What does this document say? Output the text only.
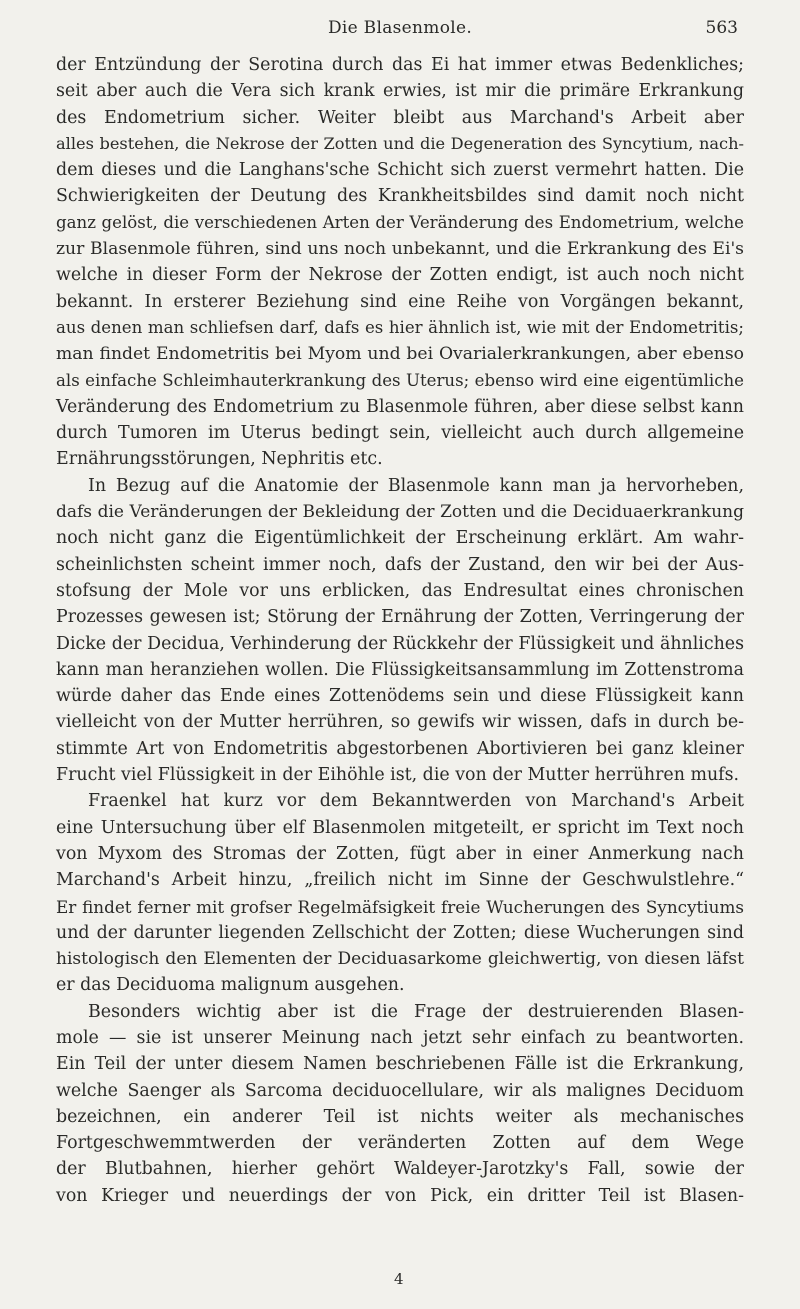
Die Blasenmole.	563
der Entzündung der Serotina durch das Ei hat immer etwas Bedenkliches;
seit aber auch die Vera sich krank erwies, ist mir die primäre Erkrankung
des Endometrium sicher. Weiter bleibt aus Marchand's Arbeit aber
alles bestehen, die Nekrose der Zotten und die Degeneration des Syncytium, nach-
dem dieses und die Langhans'sche Schicht sich zuerst vermehrt hatten. Die
Schwierigkeiten der Deutung des Krankheitsbildes sind damit noch nicht
ganz gelöst, die verschiedenen Arten der Veränderung des Endometrium, welche
zur Blasenmole führen, sind uns noch unbekannt, und die Erkrankung des Ei's
welche in dieser Form der Nekrose der Zotten endigt, ist auch noch nicht
bekannt. In ersterer Beziehung sind eine Reihe von Vorgängen bekannt,
aus denen man schliefsen darf, dafs es hier ähnlich ist, wie mit der Endometritis;
man findet Endometritis bei Myom und bei Ovarialerkrankungen, aber ebenso
als einfache Schleimhauterkrankung des Uterus; ebenso wird eine eigentümliche
Veränderung des Endometrium zu Blasenmole führen, aber diese selbst kann
durch Tumoren im Uterus bedingt sein, vielleicht auch durch allgemeine
Ernährungsstörungen, Nephritis etc.
In Bezug auf die Anatomie der Blasenmole kann man ja hervorheben,
dafs die Veränderungen der Bekleidung der Zotten und die Deciduaerkrankung
noch nicht ganz die Eigentümlichkeit der Erscheinung erklärt. Am wahr-
scheinlichsten scheint immer noch, dafs der Zustand, den wir bei der Aus-
stofsung der Mole vor uns erblicken, das Endresultat eines chronischen
Prozesses gewesen ist; Störung der Ernährung der Zotten, Verringerung der
Dicke der Decidua, Verhinderung der Rückkehr der Flüssigkeit und ähnliches
kann man heranziehen wollen. Die Flüssigkeitsansammlung im Zottenstroma
würde daher das Ende eines Zottenödems sein und diese Flüssigkeit kann
vielleicht von der Mutter herrühren, so gewifs wir wissen, dafs in durch be-
stimmte Art von Endometritis abgestorbenen Abortivieren bei ganz kleiner
Frucht viel Flüssigkeit in der Eihöhle ist, die von der Mutter herrühren mufs.
Fraenkel hat kurz vor dem Bekanntwerden von Marchand's Arbeit
eine Untersuchung über elf Blasenmolen mitgeteilt, er spricht im Text noch
von Myxom des Stromas der Zotten, fügt aber in einer Anmerkung nach
Marchand's Arbeit hinzu, „freilich nicht im Sinne der Geschwulstlehre.“
Er findet ferner mit grofser Regelmäfsigkeit freie Wucherungen des Syncytiums
und der darunter liegenden Zellschicht der Zotten; diese Wucherungen sind
histologisch den Elementen der Deciduasarkome gleichwertig, von diesen läfst
er das Deciduoma malignum ausgehen.
Besonders wichtig aber ist die Frage der destruierenden Blasen-
mole — sie ist unserer Meinung nach jetzt sehr einfach zu beantworten.
Ein Teil der unter diesem Namen beschriebenen Fälle ist die Erkrankung,
welche Saenger als Sarcoma deciduocellulare, wir als malignes Deciduom
bezeichnen, ein anderer Teil ist nichts weiter als mechanisches
Fortgeschwemmtwerden der veränderten Zotten auf dem Wege
der Blutbahnen, hierher gehört Waldeyer-Jarotzky's Fall, sowie der
von Krieger und neuerdings der von Pick, ein dritter Teil ist Blasen-
4
